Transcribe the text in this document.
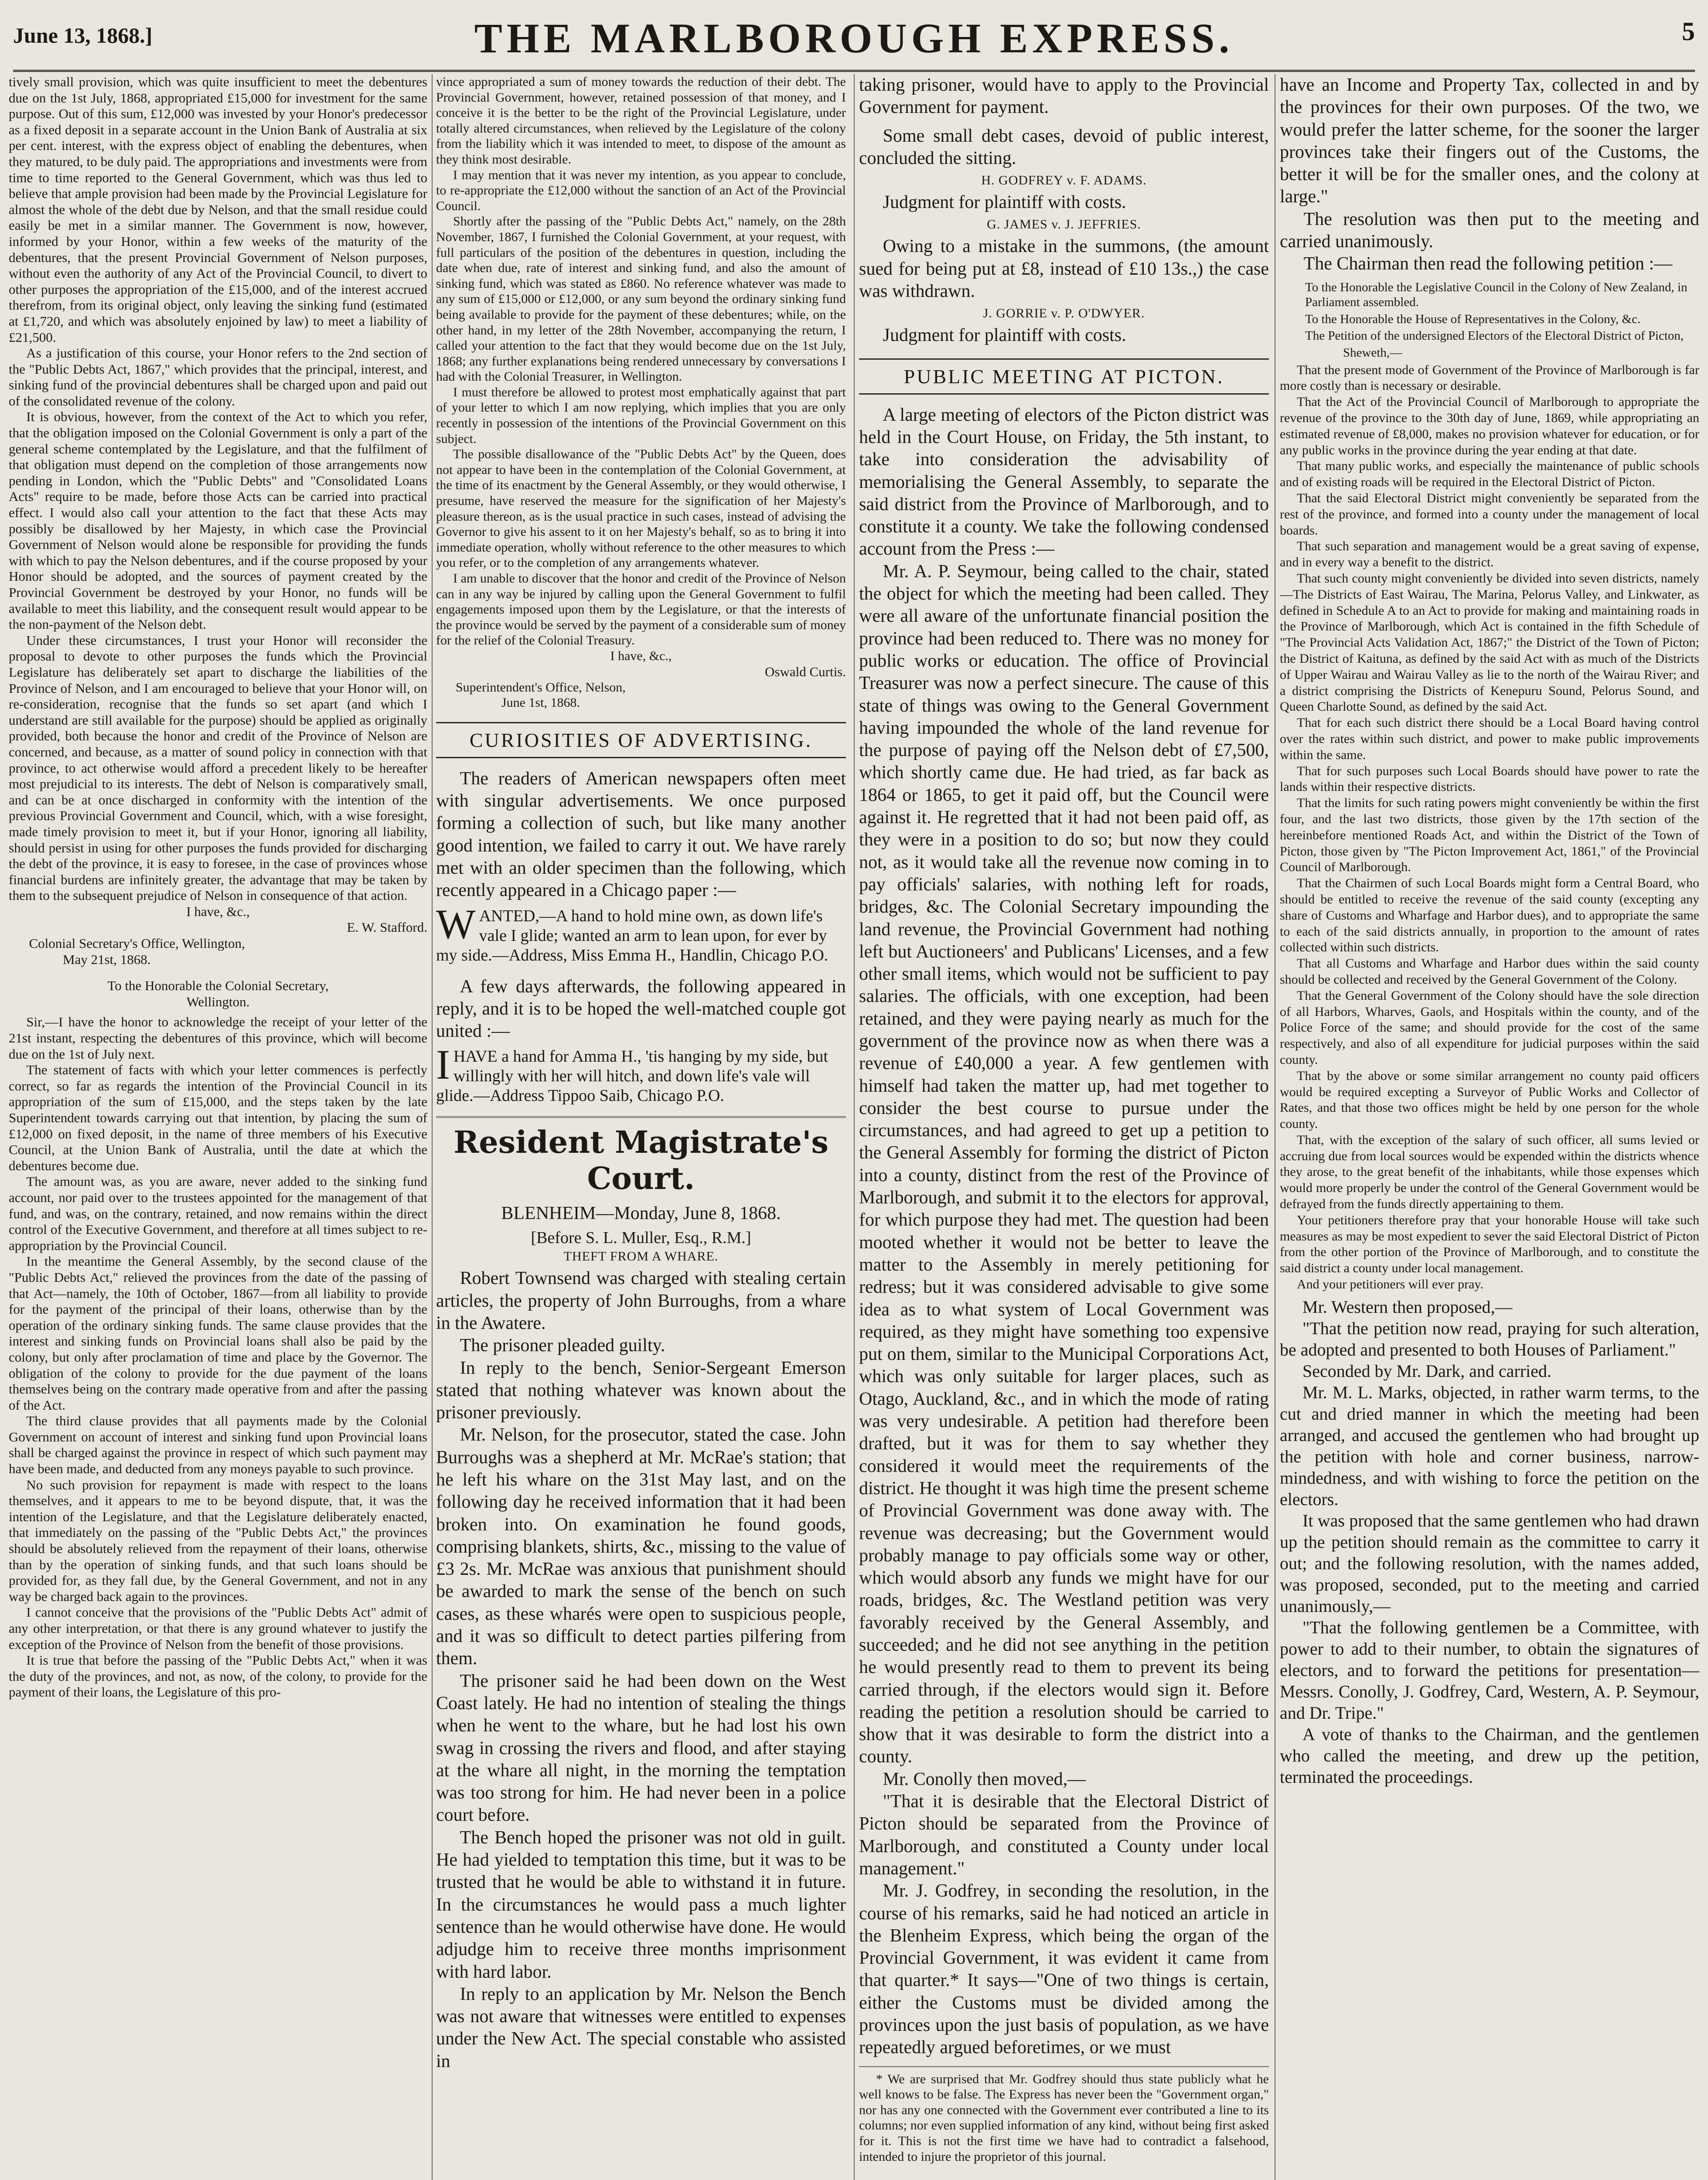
June 13, 1868.]	THE MARLBOROUGH EXPRESS.	5

tively small provision, which was quite insufficient to meet the debentures due on the 1st July, 1868, appropriated £15,000 for investment for the same purpose. Out of this sum, £12,000 was invested by your Honor's predecessor as a fixed deposit in a separate account in the Union Bank of Australia at six per cent. interest, with the express object of enabling the debentures, when they matured, to be duly paid. The appropriations and investments were from time to time reported to the General Government, which was thus led to believe that ample provision had been made by the Provincial Legislature for almost the whole of the debt due by Nelson, and that the small residue could easily be met in a similar manner. The Government is now, however, informed by your Honor, within a few weeks of the maturity of the debentures, that the present Provincial Government of Nelson purposes, without even the authority of any Act of the Provincial Council, to divert to other purposes the appropriation of the £15,000, and of the interest accrued therefrom, from its original object, only leaving the sinking fund (estimated at £1,720, and which was absolutely enjoined by law) to meet a liability of £21,500.

As a justification of this course, your Honor refers to the 2nd section of the "Public Debts Act, 1867," which provides that the principal, interest, and sinking fund of the provincial debentures shall be charged upon and paid out of the consolidated revenue of the colony.

It is obvious, however, from the context of the Act to which you refer, that the obligation imposed on the Colonial Government is only a part of the general scheme contemplated by the Legislature, and that the fulfilment of that obligation must depend on the completion of those arrangements now pending in London, which the "Public Debts" and "Consolidated Loans Acts" require to be made, before those Acts can be carried into practical effect. I would also call your attention to the fact that these Acts may possibly be disallowed by her Majesty, in which case the Provincial Government of Nelson would alone be responsible for providing the funds with which to pay the Nelson debentures, and if the course proposed by your Honor should be adopted, and the sources of payment created by the Provincial Government be destroyed by your Honor, no funds will be available to meet this liability, and the consequent result would appear to be the non-payment of the Nelson debt.

Under these circumstances, I trust your Honor will reconsider the proposal to devote to other purposes the funds which the Provincial Legislature has deliberately set apart to discharge the liabilities of the Province of Nelson, and I am encouraged to believe that your Honor will, on re-consideration, recognise that the funds so set apart (and which I understand are still available for the purpose) should be applied as originally provided, both because the honor and credit of the Province of Nelson are concerned, and because, as a matter of sound policy in connection with that province, to act otherwise would afford a precedent likely to be hereafter most prejudicial to its interests. The debt of Nelson is comparatively small, and can be at once discharged in conformity with the intention of the previous Provincial Government and Council, which, with a wise foresight, made timely provision to meet it, but if your Honor, ignoring all liability, should persist in using for other purposes the funds provided for discharging the debt of the province, it is easy to foresee, in the case of provinces whose financial burdens are infinitely greater, the advantage that may be taken by them to the subsequent prejudice of Nelson in consequence of that action.

I have, &c.,

E. W. Stafford.

Colonial Secretary's Office, Wellington,

May 21st, 1868.

To the Honorable the Colonial Secretary,

Wellington.

Sir,—I have the honor to acknowledge the receipt of your letter of the 21st instant, respecting the debentures of this province, which will become due on the 1st of July next.

The statement of facts with which your letter commences is perfectly correct, so far as regards the intention of the Provincial Council in its appropriation of the sum of £15,000, and the steps taken by the late Superintendent towards carrying out that intention, by placing the sum of £12,000 on fixed deposit, in the name of three members of his Executive Council, at the Union Bank of Australia, until the date at which the debentures become due.

The amount was, as you are aware, never added to the sinking fund account, nor paid over to the trustees appointed for the management of that fund, and was, on the contrary, retained, and now remains within the direct control of the Executive Government, and therefore at all times subject to re-appropriation by the Provincial Council.

In the meantime the General Assembly, by the second clause of the "Public Debts Act," relieved the provinces from the date of the passing of that Act—namely, the 10th of October, 1867—from all liability to provide for the payment of the principal of their loans, otherwise than by the operation of the ordinary sinking funds. The same clause provides that the interest and sinking funds on Provincial loans shall also be paid by the colony, but only after proclamation of time and place by the Governor. The obligation of the colony to provide for the due payment of the loans themselves being on the contrary made operative from and after the passing of the Act.

The third clause provides that all payments made by the Colonial Government on account of interest and sinking fund upon Provincial loans shall be charged against the province in respect of which such payment may have been made, and deducted from any moneys payable to such province.

No such provision for repayment is made with respect to the loans themselves, and it appears to me to be beyond dispute, that, it was the intention of the Legislature, and that the Legislature deliberately enacted, that immediately on the passing of the "Public Debts Act," the provinces should be absolutely relieved from the repayment of their loans, otherwise than by the operation of sinking funds, and that such loans should be provided for, as they fall due, by the General Government, and not in any way be charged back again to the provinces.

I cannot conceive that the provisions of the "Public Debts Act" admit of any other interpretation, or that there is any ground whatever to justify the exception of the Province of Nelson from the benefit of those provisions.

It is true that before the passing of the "Public Debts Act," when it was the duty of the provinces, and not, as now, of the colony, to provide for the payment of their loans, the Legislature of this pro-

vince appropriated a sum of money towards the reduction of their debt. The Provincial Government, however, retained possession of that money, and I conceive it is the better to be the right of the Provincial Legislature, under totally altered circumstances, when relieved by the Legislature of the colony from the liability which it was intended to meet, to dispose of the amount as they think most desirable.

I may mention that it was never my intention, as you appear to conclude, to re-appropriate the £12,000 without the sanction of an Act of the Provincial Council.

Shortly after the passing of the "Public Debts Act," namely, on the 28th November, 1867, I furnished the Colonial Government, at your request, with full particulars of the position of the debentures in question, including the date when due, rate of interest and sinking fund, and also the amount of sinking fund, which was stated as £860. No reference whatever was made to any sum of £15,000 or £12,000, or any sum beyond the ordinary sinking fund being available to provide for the payment of these debentures; while, on the other hand, in my letter of the 28th November, accompanying the return, I called your attention to the fact that they would become due on the 1st July, 1868; any further explanations being rendered unnecessary by conversations I had with the Colonial Treasurer, in Wellington.

I must therefore be allowed to protest most emphatically against that part of your letter to which I am now replying, which implies that you are only recently in possession of the intentions of the Provincial Government on this subject.

The possible disallowance of the "Public Debts Act" by the Queen, does not appear to have been in the contemplation of the Colonial Government, at the time of its enactment by the General Assembly, or they would otherwise, I presume, have reserved the measure for the signification of her Majesty's pleasure thereon, as is the usual practice in such cases, instead of advising the Governor to give his assent to it on her Majesty's behalf, so as to bring it into immediate operation, wholly without reference to the other measures to which you refer, or to the completion of any arrangements whatever.

I am unable to discover that the honor and credit of the Province of Nelson can in any way be injured by calling upon the General Government to fulfil engagements imposed upon them by the Legislature, or that the interests of the province would be served by the payment of a considerable sum of money for the relief of the Colonial Treasury.

I have, &c.,

Oswald Curtis.

Superintendent's Office, Nelson,

June 1st, 1868.

CURIOSITIES OF ADVERTISING.

The readers of American newspapers often meet with singular advertisements. We once purposed forming a collection of such, but like many another good intention, we failed to carry it out. We have rarely met with an older specimen than the following, which recently appeared in a Chicago paper :—

W ANTED,—A hand to hold mine own, as down life's vale I glide; wanted an arm to lean upon, for ever by my side.—Address, Miss Emma H., Handlin, Chicago P.O.

A few days afterwards, the following appeared in reply, and it is to be hoped the well-matched couple got united :—

I HAVE a hand for Amma H., 'tis hanging by my side, but willingly with her will hitch, and down life's vale will glide.—Address Tippoo Saib, Chicago P.O.
Resident Magistrate's Court.

BLENHEIM—Monday, June 8, 1868.

[Before S. L. Muller, Esq., R.M.]

THEFT FROM A WHARE.

Robert Townsend was charged with stealing certain articles, the property of John Burroughs, from a whare in the Awatere.

The prisoner pleaded guilty.

In reply to the bench, Senior-Sergeant Emerson stated that nothing whatever was known about the prisoner previously.

Mr. Nelson, for the prosecutor, stated the case. John Burroughs was a shepherd at Mr. McRae's station; that he left his whare on the 31st May last, and on the following day he received information that it had been broken into. On examination he found goods, comprising blankets, shirts, &c., missing to the value of £3 2s. Mr. McRae was anxious that punishment should be awarded to mark the sense of the bench on such cases, as these wharés were open to suspicious people, and it was so difficult to detect parties pilfering from them.

The prisoner said he had been down on the West Coast lately. He had no intention of stealing the things when he went to the whare, but he had lost his own swag in crossing the rivers and flood, and after staying at the whare all night, in the morning the temptation was too strong for him. He had never been in a police court before.

The Bench hoped the prisoner was not old in guilt. He had yielded to temptation this time, but it was to be trusted that he would be able to withstand it in future. In the circumstances he would pass a much lighter sentence than he would otherwise have done. He would adjudge him to receive three months imprisonment with hard labor.

In reply to an application by Mr. Nelson the Bench was not aware that witnesses were entitled to expenses under the New Act. The special constable who assisted in

taking prisoner, would have to apply to the Provincial Government for payment.

Some small debt cases, devoid of public interest, concluded the sitting.

H. GODFREY v. F. ADAMS.

Judgment for plaintiff with costs.

G. JAMES v. J. JEFFRIES.

Owing to a mistake in the summons, (the amount sued for being put at £8, instead of £10 13s.,) the case was withdrawn.

J. GORRIE v. P. O'DWYER.

Judgment for plaintiff with costs.

PUBLIC MEETING AT PICTON.

A large meeting of electors of the Picton district was held in the Court House, on Friday, the 5th instant, to take into consideration the advisability of memorialising the General Assembly, to separate the said district from the Province of Marlborough, and to constitute it a county. We take the following condensed account from the Press :—

Mr. A. P. Seymour, being called to the chair, stated the object for which the meeting had been called. They were all aware of the unfortunate financial position the province had been reduced to. There was no money for public works or education. The office of Provincial Treasurer was now a perfect sinecure. The cause of this state of things was owing to the General Government having impounded the whole of the land revenue for the purpose of paying off the Nelson debt of £7,500, which shortly came due. He had tried, as far back as 1864 or 1865, to get it paid off, but the Council were against it. He regretted that it had not been paid off, as they were in a position to do so; but now they could not, as it would take all the revenue now coming in to pay officials' salaries, with nothing left for roads, bridges, &c. The Colonial Secretary impounding the land revenue, the Provincial Government had nothing left but Auctioneers' and Publicans' Licenses, and a few other small items, which would not be sufficient to pay salaries. The officials, with one exception, had been retained, and they were paying nearly as much for the government of the province now as when there was a revenue of £40,000 a year. A few gentlemen with himself had taken the matter up, had met together to consider the best course to pursue under the circumstances, and had agreed to get up a petition to the General Assembly for forming the district of Picton into a county, distinct from the rest of the Province of Marlborough, and submit it to the electors for approval, for which purpose they had met. The question had been mooted whether it would not be better to leave the matter to the Assembly in merely petitioning for redress; but it was considered advisable to give some idea as to what system of Local Government was required, as they might have something too expensive put on them, similar to the Municipal Corporations Act, which was only suitable for larger places, such as Otago, Auckland, &c., and in which the mode of rating was very undesirable. A petition had therefore been drafted, but it was for them to say whether they considered it would meet the requirements of the district. He thought it was high time the present scheme of Provincial Government was done away with. The revenue was decreasing; but the Government would probably manage to pay officials some way or other, which would absorb any funds we might have for our roads, bridges, &c. The Westland petition was very favorably received by the General Assembly, and succeeded; and he did not see anything in the petition he would presently read to them to prevent its being carried through, if the electors would sign it. Before reading the petition a resolution should be carried to show that it was desirable to form the district into a county.

Mr. Conolly then moved,—

"That it is desirable that the Electoral District of Picton should be separated from the Province of Marlborough, and constituted a County under local management."

Mr. J. Godfrey, in seconding the resolution, in the course of his remarks, said he had noticed an article in the Blenheim Express, which being the organ of the Provincial Government, it was evident it came from that quarter.* It says—"One of two things is certain, either the Customs must be divided among the provinces upon the just basis of population, as we have repeatedly argued beforetimes, or we must

* We are surprised that Mr. Godfrey should thus state publicly what he well knows to be false. The Express has never been the "Government organ," nor has any one connected with the Government ever contributed a line to its columns; nor even supplied information of any kind, without being first asked for it. This is not the first time we have had to contradict a falsehood, intended to injure the proprietor of this journal.

have an Income and Property Tax, collected in and by the provinces for their own purposes. Of the two, we would prefer the latter scheme, for the sooner the larger provinces take their fingers out of the Customs, the better it will be for the smaller ones, and the colony at large."

The resolution was then put to the meeting and carried unanimously.

The Chairman then read the following petition :—

To the Honorable the Legislative Council in the Colony of New Zealand, in Parliament assembled.

To the Honorable the House of Representatives in the Colony, &c.

The Petition of the undersigned Electors of the Electoral District of Picton,

Sheweth,—

That the present mode of Government of the Province of Marlborough is far more costly than is necessary or desirable.

That the Act of the Provincial Council of Marlborough to appropriate the revenue of the province to the 30th day of June, 1869, while appropriating an estimated revenue of £8,000, makes no provision whatever for education, or for any public works in the province during the year ending at that date.

That many public works, and especially the maintenance of public schools and of existing roads will be required in the Electoral District of Picton.

That the said Electoral District might conveniently be separated from the rest of the province, and formed into a county under the management of local boards.

That such separation and management would be a great saving of expense, and in every way a benefit to the district.

That such county might conveniently be divided into seven districts, namely—The Districts of East Wairau, The Marina, Pelorus Valley, and Linkwater, as defined in Schedule A to an Act to provide for making and maintaining roads in the Province of Marlborough, which Act is contained in the fifth Schedule of "The Provincial Acts Validation Act, 1867;" the District of the Town of Picton; the District of Kaituna, as defined by the said Act with as much of the Districts of Upper Wairau and Wairau Valley as lie to the north of the Wairau River; and a district comprising the Districts of Kenepuru Sound, Pelorus Sound, and Queen Charlotte Sound, as defined by the said Act.

That for each such district there should be a Local Board having control over the rates within such district, and power to make public improvements within the same.

That for such purposes such Local Boards should have power to rate the lands within their respective districts.

That the limits for such rating powers might conveniently be within the first four, and the last two districts, those given by the 17th section of the hereinbefore mentioned Roads Act, and within the District of the Town of Picton, those given by "The Picton Improvement Act, 1861," of the Provincial Council of Marlborough.

That the Chairmen of such Local Boards might form a Central Board, who should be entitled to receive the revenue of the said county (excepting any share of Customs and Wharfage and Harbor dues), and to appropriate the same to each of the said districts annually, in proportion to the amount of rates collected within such districts.

That all Customs and Wharfage and Harbor dues within the said county should be collected and received by the General Government of the Colony.

That the General Government of the Colony should have the sole direction of all Harbors, Wharves, Gaols, and Hospitals within the county, and of the Police Force of the same; and should provide for the cost of the same respectively, and also of all expenditure for judicial purposes within the said county.

That by the above or some similar arrangement no county paid officers would be required excepting a Surveyor of Public Works and Collector of Rates, and that those two offices might be held by one person for the whole county.

That, with the exception of the salary of such officer, all sums levied or accruing due from local sources would be expended within the districts whence they arose, to the great benefit of the inhabitants, while those expenses which would more properly be under the control of the General Government would be defrayed from the funds directly appertaining to them.

Your petitioners therefore pray that your honorable House will take such measures as may be most expedient to sever the said Electoral District of Picton from the other portion of the Province of Marlborough, and to constitute the said district a county under local management.

And your petitioners will ever pray.

Mr. Western then proposed,—

"That the petition now read, praying for such alteration, be adopted and presented to both Houses of Parliament."

Seconded by Mr. Dark, and carried.

Mr. M. L. Marks, objected, in rather warm terms, to the cut and dried manner in which the meeting had been arranged, and accused the gentlemen who had brought up the petition with hole and corner business, narrow-mindedness, and with wishing to force the petition on the electors.

It was proposed that the same gentlemen who had drawn up the petition should remain as the committee to carry it out; and the following resolution, with the names added, was proposed, seconded, put to the meeting and carried unanimously,—

"That the following gentlemen be a Committee, with power to add to their number, to obtain the signatures of electors, and to forward the petitions for presentation—Messrs. Conolly, J. Godfrey, Card, Western, A. P. Seymour, and Dr. Tripe."

A vote of thanks to the Chairman, and the gentlemen who called the meeting, and drew up the petition, terminated the proceedings.
